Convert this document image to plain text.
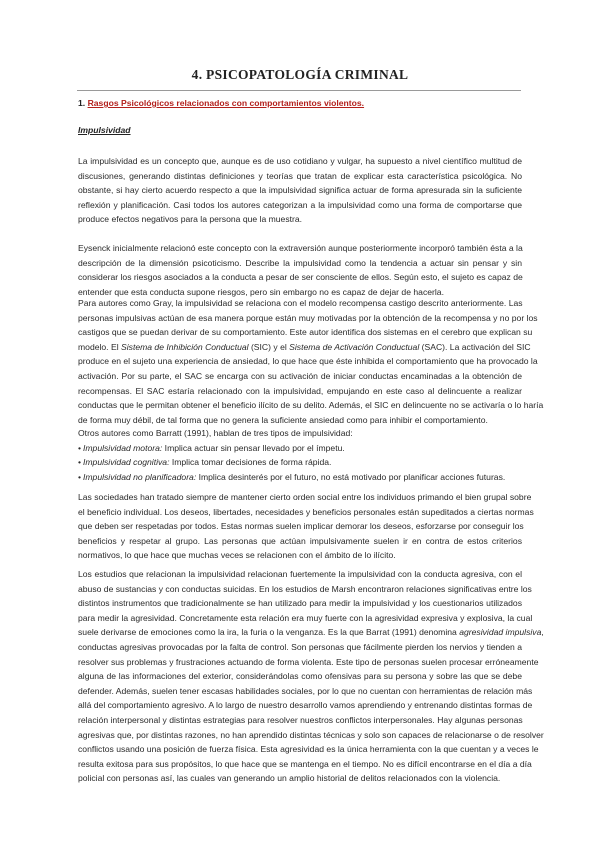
4. PSICOPATOLOGÍA CRIMINAL
1. Rasgos Psicológicos relacionados con comportamientos violentos.
Impulsividad
La impulsividad es un concepto que, aunque es de uso cotidiano y vulgar, ha supuesto a nivel científico multitud de
discusiones, generando distintas definiciones y teorías que tratan de explicar esta característica psicológica. No
obstante, si hay cierto acuerdo respecto a que la impulsividad significa actuar de forma apresurada sin la suficiente
reflexión y planificación. Casi todos los autores categorizan a la impulsividad como una forma de comportarse que
produce efectos negativos para la persona que la muestra.
Eysenck inicialmente relacionó este concepto con la extraversión aunque posteriormente incorporó también ésta a la
descripción de la dimensión psicoticismo. Describe la impulsividad como la tendencia a actuar sin pensar y sin
considerar los riesgos asociados a la conducta a pesar de ser consciente de ellos. Según esto, el sujeto es capaz de
entender que esta conducta supone riesgos, pero sin embargo no es capaz de dejar de hacerla.
Para autores como Gray, la impulsividad se relaciona con el modelo recompensa castigo descrito anteriormente. Las
personas impulsivas actúan de esa manera porque están muy motivadas por la obtención de la recompensa y no por los
castigos que se puedan derivar de su comportamiento. Este autor identifica dos sistemas en el cerebro que explican su
modelo. El Sistema de Inhibición Conductual (SIC) y el Sistema de Activación Conductual (SAC). La activación del SIC
produce en el sujeto una experiencia de ansiedad, lo que hace que éste inhibida el comportamiento que ha provocado la
activación. Por su parte, el SAC se encarga con su activación de iniciar conductas encaminadas a la obtención de
recompensas. El SAC estaría relacionado con la impulsividad, empujando en este caso al delincuente a realizar
conductas que le permitan obtener el beneficio ilícito de su delito. Además, el SIC en delincuente no se activaría o lo haría
de forma muy débil, de tal forma que no genera la suficiente ansiedad como para inhibir el comportamiento.
Otros autores como Barratt (1991), hablan de tres tipos de impulsividad:
• Impulsividad motora: Implica actuar sin pensar llevado por el ímpetu.
• Impulsividad cognitiva: Implica tomar decisiones de forma rápida.
• Impulsividad no planificadora: Implica desinterés por el futuro, no está motivado por planificar acciones futuras.
Las sociedades han tratado siempre de mantener cierto orden social entre los individuos primando el bien grupal sobre
el beneficio individual. Los deseos, libertades, necesidades y beneficios personales están supeditados a ciertas normas
que deben ser respetadas por todos. Estas normas suelen implicar demorar los deseos, esforzarse por conseguir los
beneficios y respetar al grupo. Las personas que actúan impulsivamente suelen ir en contra de estos criterios
normativos, lo que hace que muchas veces se relacionen con el ámbito de lo ilícito.
Los estudios que relacionan la impulsividad relacionan fuertemente la impulsividad con la conducta agresiva, con el
abuso de sustancias y con conductas suicidas. En los estudios de Marsh encontraron relaciones significativas entre los
distintos instrumentos que tradicionalmente se han utilizado para medir la impulsividad y los cuestionarios utilizados
para medir la agresividad. Concretamente esta relación era muy fuerte con la agresividad expresiva y explosiva, la cual
suele derivarse de emociones como la ira, la furia o la venganza. Es la que Barrat (1991) denomina agresividad impulsiva,
conductas agresivas provocadas por la falta de control. Son personas que fácilmente pierden los nervios y tienden a
resolver sus problemas y frustraciones actuando de forma violenta. Este tipo de personas suelen procesar erróneamente
alguna de las informaciones del exterior, considerándolas como ofensivas para su persona y sobre las que se debe
defender. Además, suelen tener escasas habilidades sociales, por lo que no cuentan con herramientas de relación más
allá del comportamiento agresivo. A lo largo de nuestro desarrollo vamos aprendiendo y entrenando distintas formas de
relación interpersonal y distintas estrategias para resolver nuestros conflictos interpersonales. Hay algunas personas
agresivas que, por distintas razones, no han aprendido distintas técnicas y solo son capaces de relacionarse o de resolver
conflictos usando una posición de fuerza física. Esta agresividad es la única herramienta con la que cuentan y a veces le
resulta exitosa para sus propósitos, lo que hace que se mantenga en el tiempo. No es difícil encontrarse en el día a día
policial con personas así, las cuales van generando un amplio historial de delitos relacionados con la violencia.
